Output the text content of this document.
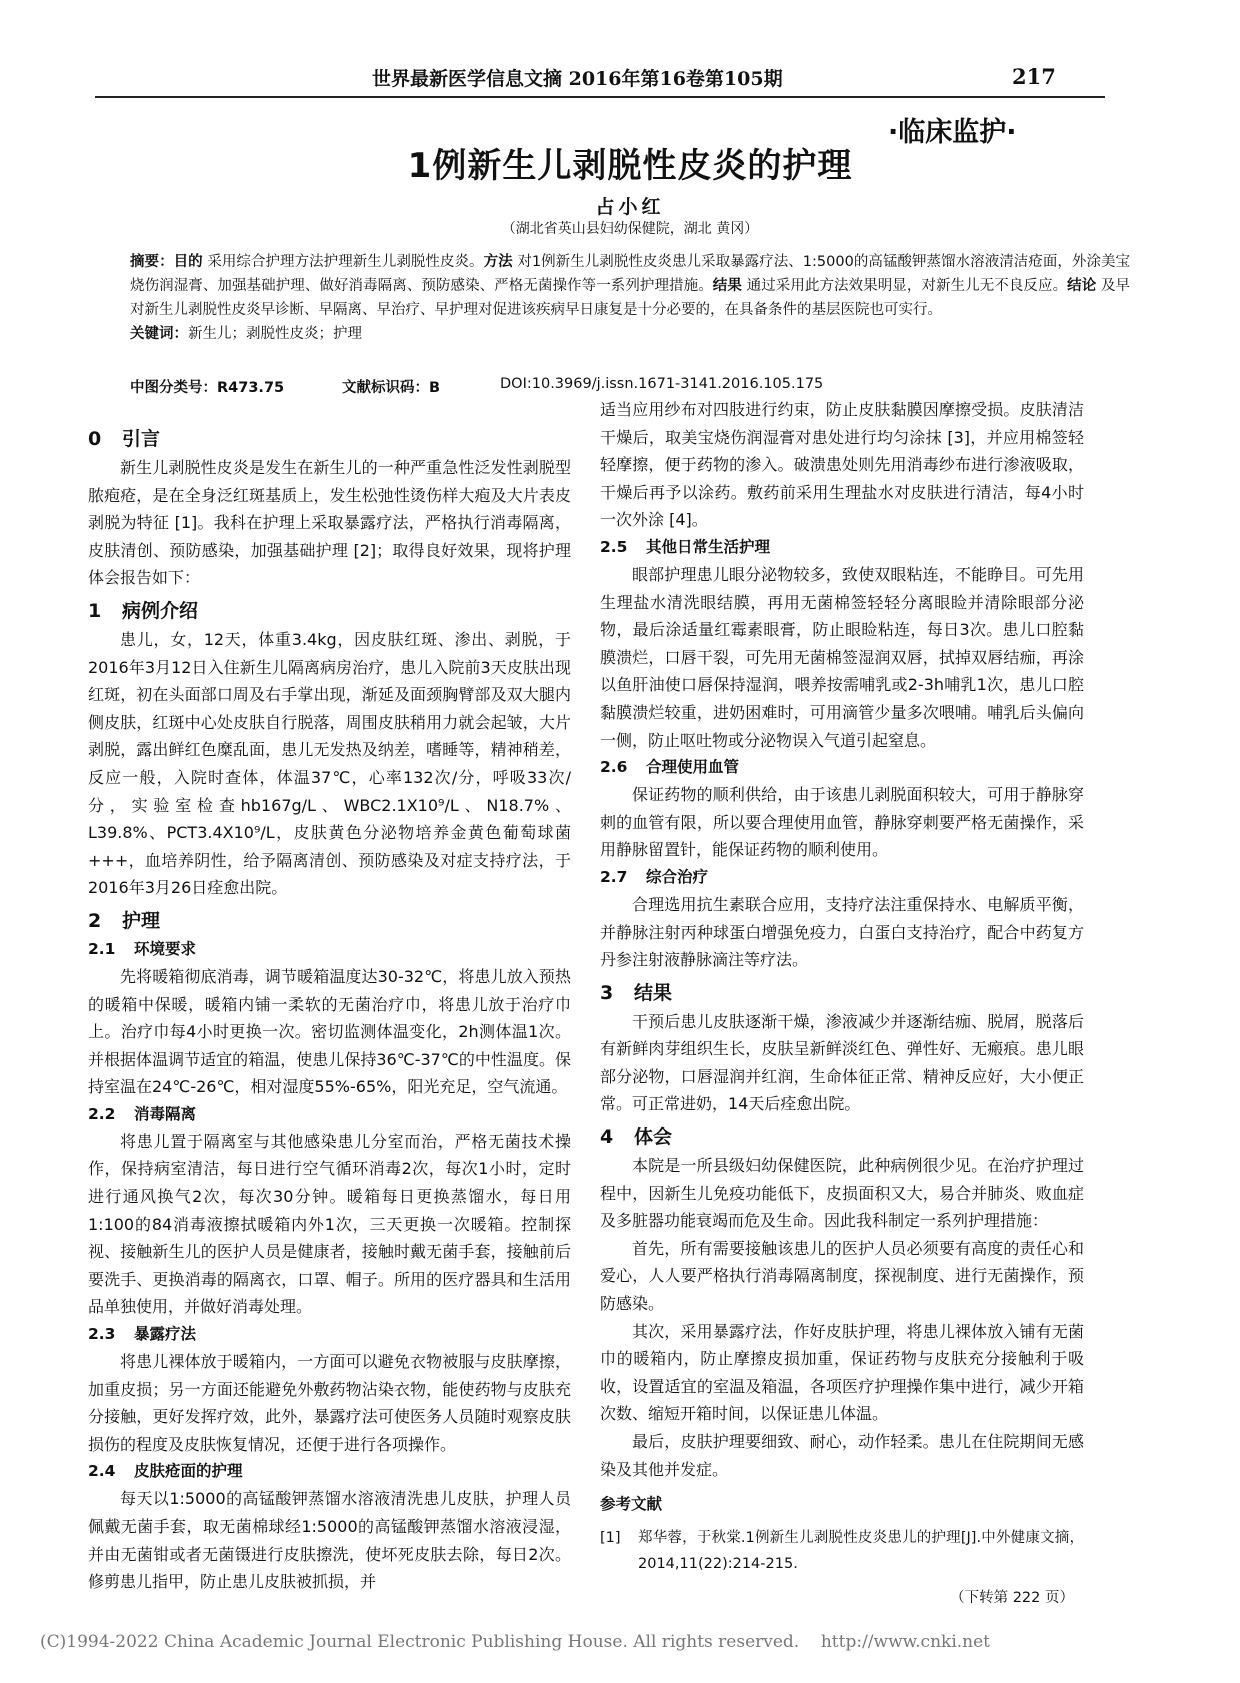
世界最新医学信息文摘 2016年第16卷第105期	217
·临床监护·
1例新生儿剥脱性皮炎的护理
占小红
（湖北省英山县妇幼保健院，湖北 黄冈）
摘要：目的 采用综合护理方法护理新生儿剥脱性皮炎。方法 对1例新生儿剥脱性皮炎患儿采取暴露疗法、1:5000的高锰酸钾蒸馏水溶液清洁疮面，外涂美宝烧伤润湿膏、加强基础护理、做好消毒隔离、预防感染、严格无菌操作等一系列护理措施。结果 通过采用此方法效果明显，对新生儿无不良反应。结论 及早对新生儿剥脱性皮炎早诊断、早隔离、早治疗、早护理对促进该疾病早日康复是十分必要的，在具备条件的基层医院也可实行。
关键词：新生儿；剥脱性皮炎；护理
中图分类号：R473.75	文献标识码：B	DOI:10.3969/j.issn.1671-3141.2016.105.175
0 引言

新生儿剥脱性皮炎是发生在新生儿的一种严重急性泛发性剥脱型脓疱疮，是在全身泛红斑基质上，发生松弛性烫伤样大疱及大片表皮剥脱为特征 [1]。我科在护理上采取暴露疗法，严格执行消毒隔离，皮肤清创、预防感染，加强基础护理 [2]；取得良好效果，现将护理体会报告如下：

1 病例介绍

患儿，女，12天，体重3.4kg，因皮肤红斑、渗出、剥脱，于2016年3月12日入住新生儿隔离病房治疗，患儿入院前3天皮肤出现红斑，初在头面部口周及右手掌出现，渐延及面颈胸臂部及双大腿内侧皮肤，红斑中心处皮肤自行脱落，周围皮肤稍用力就会起皱，大片剥脱，露出鲜红色糜乱面，患儿无发热及纳差，嗜睡等，精神稍差，反应一般，入院时查体，体温37℃，心率132次/分，呼吸33次/分，实验室检查hb167g/L、WBC2.1X10⁹/L、N18.7%、L39.8%、PCT3.4X10⁹/L，皮肤黄色分泌物培养金黄色葡萄球菌+++，血培养阴性，给予隔离清创、预防感染及对症支持疗法，于2016年3月26日痊愈出院。

2 护理
2.1 环境要求

先将暖箱彻底消毒，调节暖箱温度达30-32℃，将患儿放入预热的暖箱中保暖，暖箱内铺一柔软的无菌治疗巾，将患儿放于治疗巾上。治疗巾每4小时更换一次。密切监测体温变化，2h测体温1次。并根据体温调节适宜的箱温，使患儿保持36℃-37℃的中性温度。保持室温在24℃-26℃，相对湿度55%-65%，阳光充足，空气流通。

2.2 消毒隔离

将患儿置于隔离室与其他感染患儿分室而治，严格无菌技术操作，保持病室清洁，每日进行空气循环消毒2次，每次1小时，定时进行通风换气2次，每次30分钟。暖箱每日更换蒸馏水，每日用1:100的84消毒液擦拭暖箱内外1次，三天更换一次暖箱。控制探视、接触新生儿的医护人员是健康者，接触时戴无菌手套，接触前后要洗手、更换消毒的隔离衣，口罩、帽子。所用的医疗器具和生活用品单独使用，并做好消毒处理。

2.3 暴露疗法

将患儿裸体放于暖箱内，一方面可以避免衣物被服与皮肤摩擦，加重皮损；另一方面还能避免外敷药物沾染衣物，能使药物与皮肤充分接触，更好发挥疗效，此外，暴露疗法可使医务人员随时观察皮肤损伤的程度及皮肤恢复情况，还便于进行各项操作。

2.4 皮肤疮面的护理

每天以1:5000的高锰酸钾蒸馏水溶液清洗患儿皮肤，护理人员佩戴无菌手套，取无菌棉球经1:5000的高锰酸钾蒸馏水溶液浸湿，并由无菌钳或者无菌镊进行皮肤擦洗，使坏死皮肤去除，每日2次。修剪患儿指甲，防止患儿皮肤被抓损，并

适当应用纱布对四肢进行约束，防止皮肤黏膜因摩擦受损。皮肤清洁干燥后，取美宝烧伤润湿膏对患处进行均匀涂抹 [3]，并应用棉签轻轻摩擦，便于药物的渗入。破溃患处则先用消毒纱布进行渗液吸取，干燥后再予以涂药。敷药前采用生理盐水对皮肤进行清洁，每4小时一次外涂 [4]。

2.5 其他日常生活护理

眼部护理患儿眼分泌物较多，致使双眼粘连，不能睁目。可先用生理盐水清洗眼结膜，再用无菌棉签轻轻分离眼睑并清除眼部分泌物，最后涂适量红霉素眼膏，防止眼睑粘连，每日3次。患儿口腔黏膜溃烂，口唇干裂，可先用无菌棉签湿润双唇，拭掉双唇结痂，再涂以鱼肝油使口唇保持湿润，喂养按需哺乳或2-3h哺乳1次，患儿口腔黏膜溃烂较重，进奶困难时，可用滴管少量多次喂哺。哺乳后头偏向一侧，防止呕吐物或分泌物误入气道引起窒息。

2.6 合理使用血管

保证药物的顺利供给，由于该患儿剥脱面积较大，可用于静脉穿刺的血管有限，所以要合理使用血管，静脉穿刺要严格无菌操作，采用静脉留置针，能保证药物的顺利使用。

2.7 综合治疗

合理选用抗生素联合应用，支持疗法注重保持水、电解质平衡，并静脉注射丙种球蛋白增强免疫力，白蛋白支持治疗，配合中药复方丹参注射液静脉滴注等疗法。

3 结果

干预后患儿皮肤逐渐干燥，渗液减少并逐渐结痂、脱屑，脱落后有新鲜肉芽组织生长，皮肤呈新鲜淡红色、弹性好、无瘢痕。患儿眼部分泌物，口唇湿润并红润，生命体征正常、精神反应好，大小便正常。可正常进奶，14天后痊愈出院。

4 体会

本院是一所县级妇幼保健医院，此种病例很少见。在治疗护理过程中，因新生儿免疫功能低下，皮损面积又大，易合并肺炎、败血症及多脏器功能衰竭而危及生命。因此我科制定一系列护理措施：

首先，所有需要接触该患儿的医护人员必须要有高度的责任心和爱心，人人要严格执行消毒隔离制度，探视制度、进行无菌操作，预防感染。

其次，采用暴露疗法，作好皮肤护理，将患儿裸体放入铺有无菌巾的暖箱内，防止摩擦皮损加重，保证药物与皮肤充分接触利于吸收，设置适宜的室温及箱温，各项医疗护理操作集中进行，减少开箱次数、缩短开箱时间，以保证患儿体温。

最后，皮肤护理要细致、耐心，动作轻柔。患儿在住院期间无感染及其他并发症。

参考文献
[1] 郑华蓉，于秋棠.1例新生儿剥脱性皮炎患儿的护理[J].中外健康文摘，2014,11(22):214-215.
（下转第 222 页）
(C)1994-2022 China Academic Journal Electronic Publishing House. All rights reserved. http://www.cnki.net
